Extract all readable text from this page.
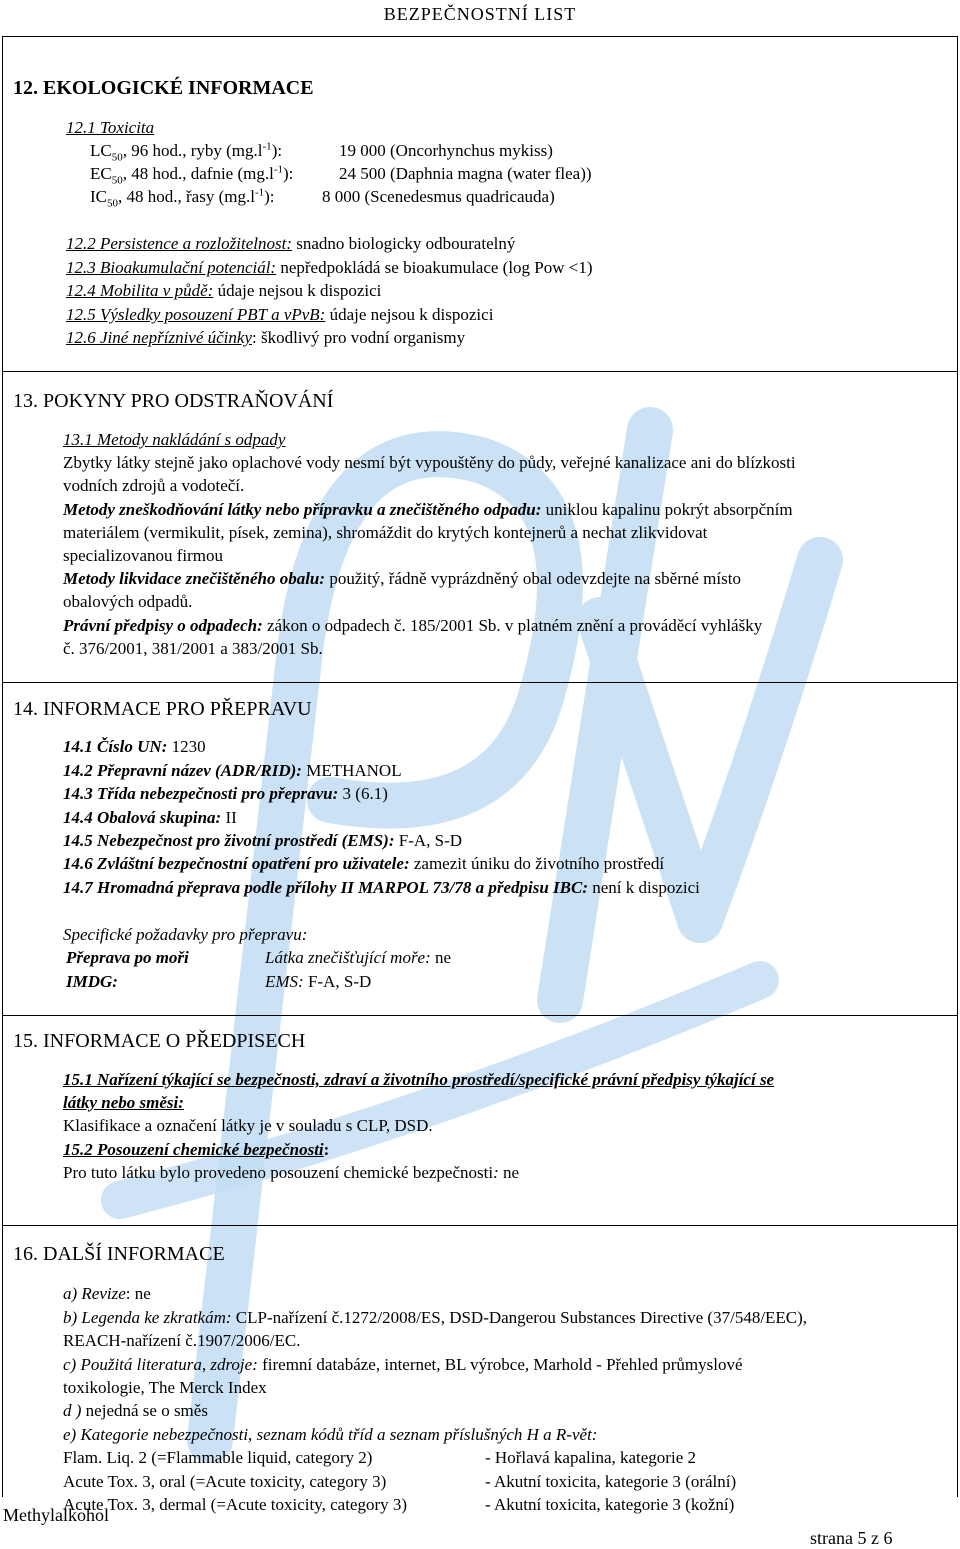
BEZPEČNOSTNÍ LIST
12. EKOLOGICKÉ INFORMACE
12.1 Toxicita
$LC_{50}$, 96 hod., ryby $(mg.l^{-1})$:	19 000 (Oncorhynchus mykiss)
$EC_{50}$, 48 hod., dafnie $(mg.l^{-1})$:	24 500 (Daphnia magna (water flea))
$IC_{50}$, 48 hod., řasy $(mg.l^{-1})$:	8 000 (Scenedesmus quadricauda)
12.2 Persistence a rozložitelnost: snadno biologicky odbouratelný
12.3 Bioakumulační potenciál: nepředpokládá se bioakumulace (log Pow <1)
12.4 Mobilita v půdě: údaje nejsou k dispozici
12.5 Výsledky posouzení PBT a vPvB: údaje nejsou k dispozici
12.6 Jiné nepříznivé účinky: škodlivý pro vodní organismy
13. POKYNY PRO ODSTRAŇOVÁNÍ
13.1 Metody nakládání s odpady
Zbytky látky stejně jako oplachové vody nesmí být vypouštěny do půdy, veřejné kanalizace ani do blízkosti
vodních zdrojů a vodotečí.
Metody zneškodňování látky nebo přípravku a znečištěného odpadu: uniklou kapalinu pokrýt absorpčním
materiálem (vermikulit, písek, zemina), shromáždit do krytých kontejnerů a nechat zlikvidovat
specializovanou firmou
Metody likvidace znečištěného obalu: použitý, řádně vyprázdněný obal odevzdejte na sběrné místo
obalových odpadů.
Právní předpisy o odpadech: zákon o odpadech č. 185/2001 Sb. v platném znění a prováděcí vyhlášky
č. 376/2001, 381/2001 a 383/2001 Sb.
14. INFORMACE PRO PŘEPRAVU
14.1 Číslo UN: 1230
14.2 Přepravní název (ADR/RID): METHANOL
14.3 Třída nebezpečnosti pro přepravu: 3 (6.1)
14.4 Obalová skupina: II
14.5 Nebezpečnost pro životní prostředí (EMS): F-A, S-D
14.6 Zvláštní bezpečnostní opatření pro uživatele: zamezit úniku do životního prostředí
14.7 Hromadná přeprava podle přílohy II MARPOL 73/78 a předpisu IBC: není k dispozici
Specifické požadavky pro přepravu:
Přeprava po moři	Látka znečišťující moře: ne
IMDG:	EMS: F-A, S-D
15. INFORMACE O PŘEDPISECH
15.1 Nařízení týkající se bezpečnosti, zdraví a životního prostředí/specifické právní předpisy týkající se
látky nebo směsi:
Klasifikace a označení látky je v souladu s CLP, DSD.
15.2 Posouzení chemické bezpečnosti:
Pro tuto látku bylo provedeno posouzení chemické bezpečnosti: ne
16. DALŠÍ INFORMACE
a) Revize: ne
b) Legenda ke zkratkám: CLP-nařízení č.1272/2008/ES, DSD-Dangerou Substances Directive (37/548/EEC),
REACH-nařízení č.1907/2006/EC.
c) Použitá literatura, zdroje: firemní databáze, internet, BL výrobce, Marhold - Přehled průmyslové
toxikologie, The Merck Index
d ) nejedná se o směs
e) Kategorie nebezpečnosti, seznam kódů tříd a seznam příslušných H a R-vět:
Flam. Liq. 2 (=Flammable liquid, category 2)	- Hořlavá kapalina, kategorie 2
Acute Tox. 3, oral (=Acute toxicity, category 3)	- Akutní toxicita, kategorie 3 (orální)
Acute Tox. 3, dermal (=Acute toxicity, category 3)	- Akutní toxicita, kategorie 3 (kožní)
Methylalkohol
strana 5 z 6
